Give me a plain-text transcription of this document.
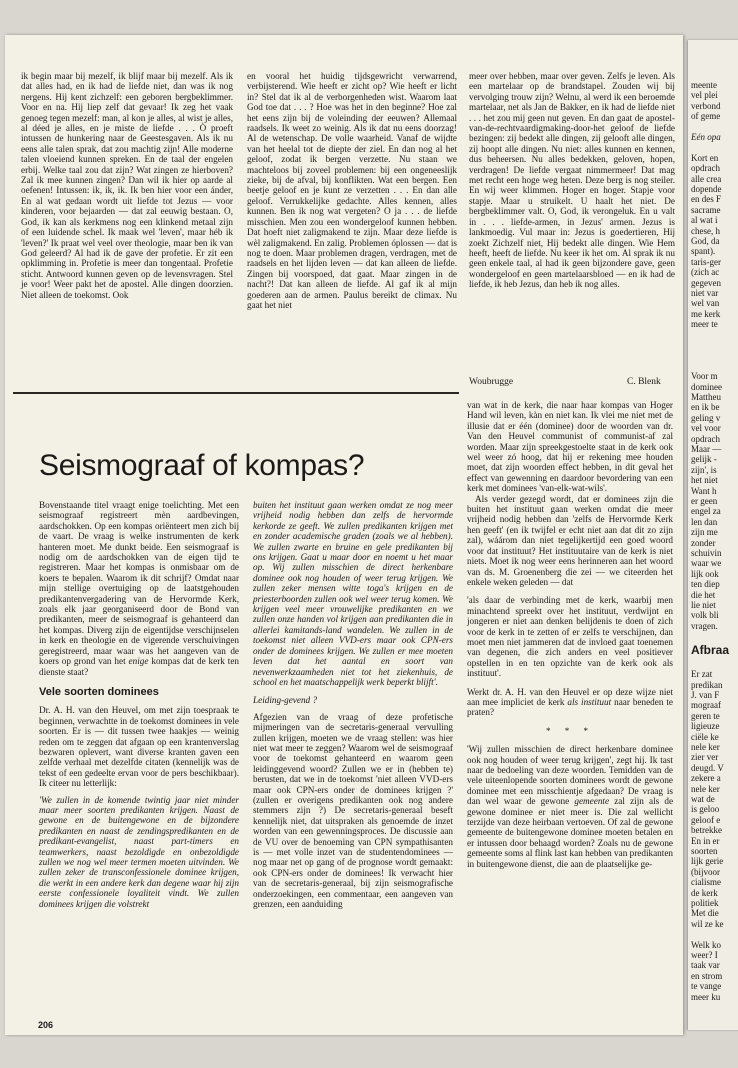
ik begin maar bij mezelf, ik blijf maar bij mezelf. Als ik dat alles had, en ik had de liefde niet, dan was ik nog nergens. Hij kent zichzelf: een geboren bergbeklimmer. Voor en na. Hij liep zelf dat gevaar! Ik zeg het vaak genoeg tegen mezelf: man, al kon je alles, al wist je alles, al déed je alles, en je miste de liefde . . . Ò proeft intussen de hunkering naar de Geestesgaven. Als ik nu eens alle talen sprak, dat zou machtig zijn! Alle moderne talen vloeiend kunnen spreken. En de taal der engelen erbij. Welke taal zou dat zijn? Wat zingen ze hierboven? Zal ik mee kunnen zingen? Dan wil ik hier op aarde al oefenen! Intussen: ik, ik, ik. Ik ben hier voor een ánder, En al wat gedaan wordt uit liefde tot Jezus — voor kinderen, voor bejaarden — dat zal eeuwig bestaan. O, God, ik kan als kerkmens nog een klinkend metaal zijn of een luidende schel. Ik maak wel 'leven', maar héb ik 'leven?' Ik praat wel veel over theologie, maar ben ik van God geleerd? Al had ik de gave der profetie. Er zit een opklimming in. Profetie is meer dan tongentaal. Profetie sticht. Antwoord kunnen geven op de levensvragen. Stel je voor! Weer pakt het de apostel. Alle dingen doorzien. Niet alleen de toekomst. Ook

en vooral het huidig tijdsgewricht verwarrend, verbijsterend. Wie heeft er zicht op? Wie heeft er licht in? Stel dat ik al de verborgenheden wist. Waarom laat God toe dat . . . ? Hoe was het in den beginne? Hoe zal het eens zijn bij de voleinding der eeuwen? Allemaal raadsels. Ik weet zo weinig. Als ik dat nu eens doorzag! Al de wetenschap. De volle waarheid. Vanaf de wijdte van het heelal tot de diepte der ziel. En dan nog al het geloof, zodat ik bergen verzette. Nu staan we machteloos bij zoveel problemen: bij een ongeneeslijk zieke, bij de afval, bij konflikten. Wat een bergen. Een beetje geloof en je kunt ze verzetten . . . En dan alle geloof. Verrukkelijke gedachte. Alles kennen, alles kunnen. Ben ik nog wat vergeten? O ja . . . de liefde misschien. Men zou een wondergeloof kunnen hebben. Dat hoeft niet zaligmakend te zijn. Maar deze liefde is wèl zaligmakend. En zalig. Problemen óplossen — dat is nog te doen. Maar problemen dragen, verdragen, met de raadsels en het lijden leven — dat kan alleen de liefde. Zingen bij voorspoed, dat gaat. Maar zingen in de nacht?! Dat kan alleen de liefde. Al gaf ik al mijn goederen aan de armen. Paulus bereikt de climax. Nu gaat het niet

meer over hebben, maar over geven. Zelfs je leven. Als een martelaar op de brandstapel. Zouden wij bij vervolging trouw zijn? Welnu, al werd ik een beroemde martelaar, net als Jan de Bakker, en ik had de liefde niet . . . het zou mij geen nut geven. En dan gaat de apostel-van-de-rechtvaardigmaking-door-het geloof de liefde bezingen: zij bedekt alle dingen, zij gelooft alle dingen, zij hoopt alle dingen. Nu niet: alles kunnen en kennen, dus beheersen. Nu alles bedekken, geloven, hopen, verdragen! De liefde vergaat nimmermeer! Dat mag met recht een hoge weg heten. Deze berg is nog steiler. En wij weer klimmen. Hoger en hoger. Stapje voor stapje. Maar u struikelt. U haalt het niet. De bergbeklimmer valt. O, God, ik verongeluk. En u valt in . . . liefde-armen, in Jezus' armen. Jezus is lankmoedig. Vul maar in: Jezus is goedertieren, Hij zoekt Zichzelf niet, Hij bedekt alle dingen. Wie Hem heeft, heeft de liefde. Nu keer ik het om. Al sprak ik nu geen enkele taal, al had ik geen bijzondere gave, geen wondergeloof en geen martelaarsbloed — en ik had de liefde, ik heb Jezus, dan heb ik nog alles.

Woubrugge	C. Blenk
Seismograaf of kompas?

Bovenstaande titel vraagt enige toelichting. Met een seismograaf registreert mèn aardbevingen, aardschokken. Op een kompas oriënteert men zich bij de vaart. De vraag is welke instrumenten de kerk hanteren moet. Me dunkt beide. Een seismograaf is nodig om de aardschokken van de eigen tijd te registreren. Maar het kompas is onmisbaar om de koers te bepalen. Waarom ik dit schrijf? Omdat naar mijn stellige overtuiging op de laatstgehouden predikantenvergadering van de Hervormde Kerk, zoals elk jaar georganiseerd door de Bond van predikanten, meer de seismograaf is gehanteerd dan het kompas. Diverg zijn de eigentijdse verschijnselen in kerk en theologie en de vigerende verschuivingen geregistreerd, maar waar was het aangeven van de koers op grond van het enige kompas dat de kerk ten dienste staat?

Vele soorten dominees

Dr. A. H. van den Heuvel, om met zijn toespraak te beginnen, verwachtte in de toekomst dominees in vele soorten. Er is — dit tussen twee haakjes — weinig reden om te zeggen dat afgaan op een krantenverslag bezwaren oplevert, want diverse kranten gaven een zelfde verhaal met dezelfde citaten (kennelijk was de tekst of een gedeelte ervan voor de pers beschikbaar). Ik citeer nu letterlijk:

'We zullen in de komende twintig jaar niet minder maar meer soorten predikanten krijgen. Naast de gewone en de buitengewone en de bijzondere predikanten en naast de zendingspredikanten en de predikant-evangelist, naast part-timers en teamwerkers, naast bezoldigde en onbezoldigde zullen we nog wel meer termen moeten uitvinden. We zullen zeker de transconfessionele dominee krijgen, die werkt in een andere kerk dan degene waar hij zijn eerste confessionele loyaliteit vindt. We zullen dominees krijgen die volstrekt

buiten het instituut gaan werken omdat ze nog meer vrijheid nodig hebben dan zelfs de hervormde kerkorde ze geeft. We zullen predikanten krijgen met en zonder academische graden (zoals we al hebben). We zullen zwarte en bruine en gele predikanten bij ons krijgen. Gaat u maar door en noemt u het maar op. Wij zullen misschien de direct herkenbare dominee ook nog houden of weer terug krijgen. We zullen zeker mensen witte toga's krijgen en de priesterboorden zullen ook wel weer terug komen. We krijgen veel meer vrouwelijke predikanten en we zullen onze handen vol krijgen aan predikanten die in allerlei kamitands-land wandelen. We zullen in de toekomst niet alleen VVD-ers maar ook CPN-ers onder de dominees krijgen. We zullen er mee moeten leven dat het aantal en soort van nevenwerkzaamheden niet tot het ziekenhuis, de school en het maatschappelijk werk beperkt blijft'.

Leiding-gevend ?

Afgezien van de vraag of deze profetische mijmeringen van de secretaris-generaal vervulling zullen krijgen, moeten we de vraag stellen: was hier niet wat meer te zeggen? Waarom wel de seismograaf voor de toekomst gehanteerd en waarom geen leidinggevend woord? Zullen we er in (hebben te) berusten, dat we in de toekomst 'niet alleen VVD-ers maar ook CPN-ers onder de dominees krijgen ?' (zullen er overigens predikanten ook nog andere stemmers zijn ?) De secretaris-generaal beseft kennelijk niet, dat uitspraken als genoemde de inzet worden van een gewenningsproces. De discussie aan de VU over de benoeming van CPN sympathisanten is — met volle inzet van de studentendominees — nog maar net op gang of de prognose wordt gemaakt: ook CPN-ers onder de dominees! Ik verwacht hier van de secretaris-generaal, bij zijn seismografische onderzoekingen, een commentaar, een aangeven van grenzen, een aanduiding

van wat in de kerk, die naar haar kompas van Hoger Hand wil leven, kàn en niet kan. Ik vlei me niet met de illusie dat er één (dominee) door de woorden van dr. Van den Heuvel communist of communist-af zal worden. Maar zijn spreekgestoelte staat in de kerk ook wel weer zó hoog, dat hij er rekening mee houden moet, dat zijn woorden effect hebben, in dit geval het effect van gewenning en daardoor bevordering van een kerk met dominees 'van-elk-wat-wils'.

Als verder gezegd wordt, dat er dominees zijn die buiten het instituut gaan werken omdat die meer vrijheid nodig hebben dan 'zelfs de Hervormde Kerk hen geeft' (en ik twijfel er echt niet aan dat dit zo zijn zal), wáárom dan niet tegelijkertijd een goed woord voor dat instituut? Het instituutaire van de kerk is niet niets. Moet ik nog weer eens herinneren aan het woord van ds. M. Groenenberg die zei — we citeerden het enkele weken geleden — dat

'als daar de verbinding met de kerk, waarbij men minachtend spreekt over het instituut, verdwijnt en jongeren er niet aan denken belijdenis te doen of zich voor de kerk in te zetten of er zelfs te verschijnen, dan moet men niet jammeren dat de invloed gaat toenemen van degenen, die zich anders en veel positiever opstellen in en ten opzichte van de kerk ook als instituut'.

Werkt dr. A. H. van den Heuvel er op deze wijze niet aan mee impliciet de kerk als instituut naar beneden te praten?

* * *

'Wij zullen misschien de direct herkenbare dominee ook nog houden of weer terug krijgen', zegt hij. Ik tast naar de bedoeling van deze woorden. Temidden van de vele uiteenlopende soorten dominees wordt de gewone dominee met een misschientje afgedaan? De vraag is dan wel waar de gewone gemeente zal zijn als de gewone dominee er niet meer is. Die zal wellicht terzijde van deze heirbaan vertoeven. Of zal de gewone gemeente de buitengewone dominee moeten betalen en er intussen door behaagd worden? Zoals nu de gewone gemeente soms al flink last kan hebben van predikanten in buitengewone dienst, die aan de plaatselijke ge-

206
meente
vel plei
verbond
of geme
Eén opa
Kort en
opdrach
alle crea
dopende
en des F
sacrame
al wat i
chese, h
God, da
spant).
taris-ger
(zich ac
gegeven
niet var
wel van
me kerk
meer te
Voor m
dominee
Mattheu
en ik be
geling v
vel voor
opdrach
Maar —
gelijk -
zijn', is
het niet
Want h
er geen
engel za
len dan
zijn me
zonder
schuivin
waar we
lijk ook
ten diep
die het
lie niet
volk bli
vragen.
Afbraa
Er zat
predikan
J. van F
mograaf
geren te
ligieuze
ciële ke
nele ker
zier ver
deugd. V
zekere a
nele ker
wat de
is geloo
geloof e
betrekke
En in er
soorten
lijk gerie
(bijvoor
cialisme
de kerk
politiek
Met die
wil ze ke
Welk ko
weer? I
taak var
en strom
te vange
meer ku
